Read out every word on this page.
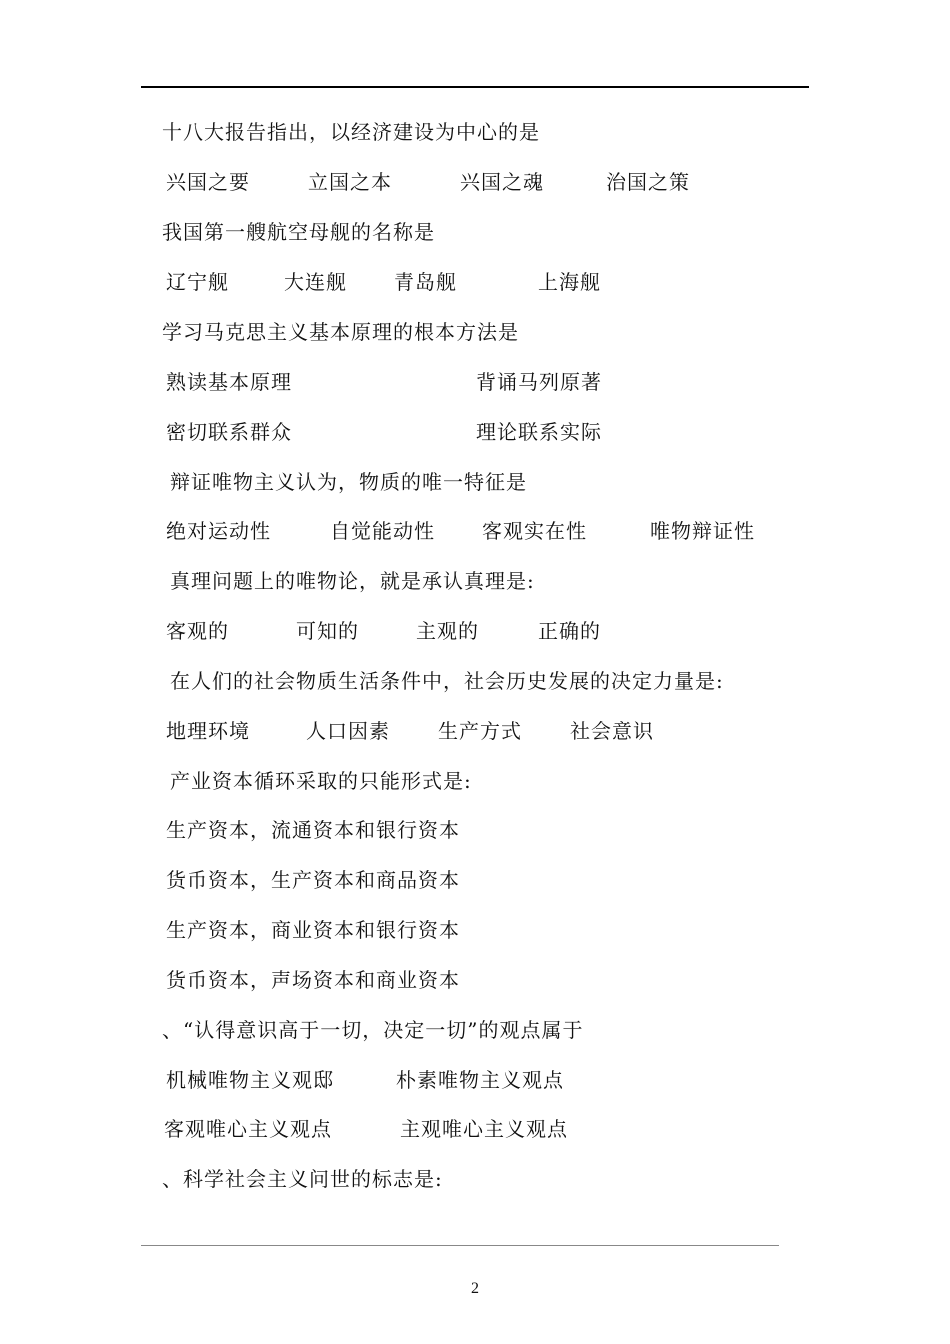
十八大报告指出，以经济建设为中心的是
兴国之要	立国之本	兴国之魂	治国之策
我国第一艘航空母舰的名称是
辽宁舰	大连舰 青岛舰	上海舰
学习马克思主义基本原理的根本方法是
熟读基本原理	背诵马列原著
密切联系群众	理论联系实际
辩证唯物主义认为，物质的唯一特征是
绝对运动性	自觉能动性 客观实在性	唯物辩证性
真理问题上的唯物论，就是承认真理是:
客观的	可知的	主观的	正确的
在人们的社会物质生活条件中，社会历史发展的决定力量是:
地理环境	人口因素 生产方式 社会意识
产业资本循环采取的只能形式是:
生产资本，流通资本和银行资本
货币资本，生产资本和商品资本
生产资本，商业资本和银行资本
货币资本，声场资本和商业资本
、“认得意识高于一切，决定一切”的观点属于
机械唯物主义观邸	朴素唯物主义观点
客观唯心主义观点	主观唯心主义观点
、科学社会主义问世的标志是:
2
